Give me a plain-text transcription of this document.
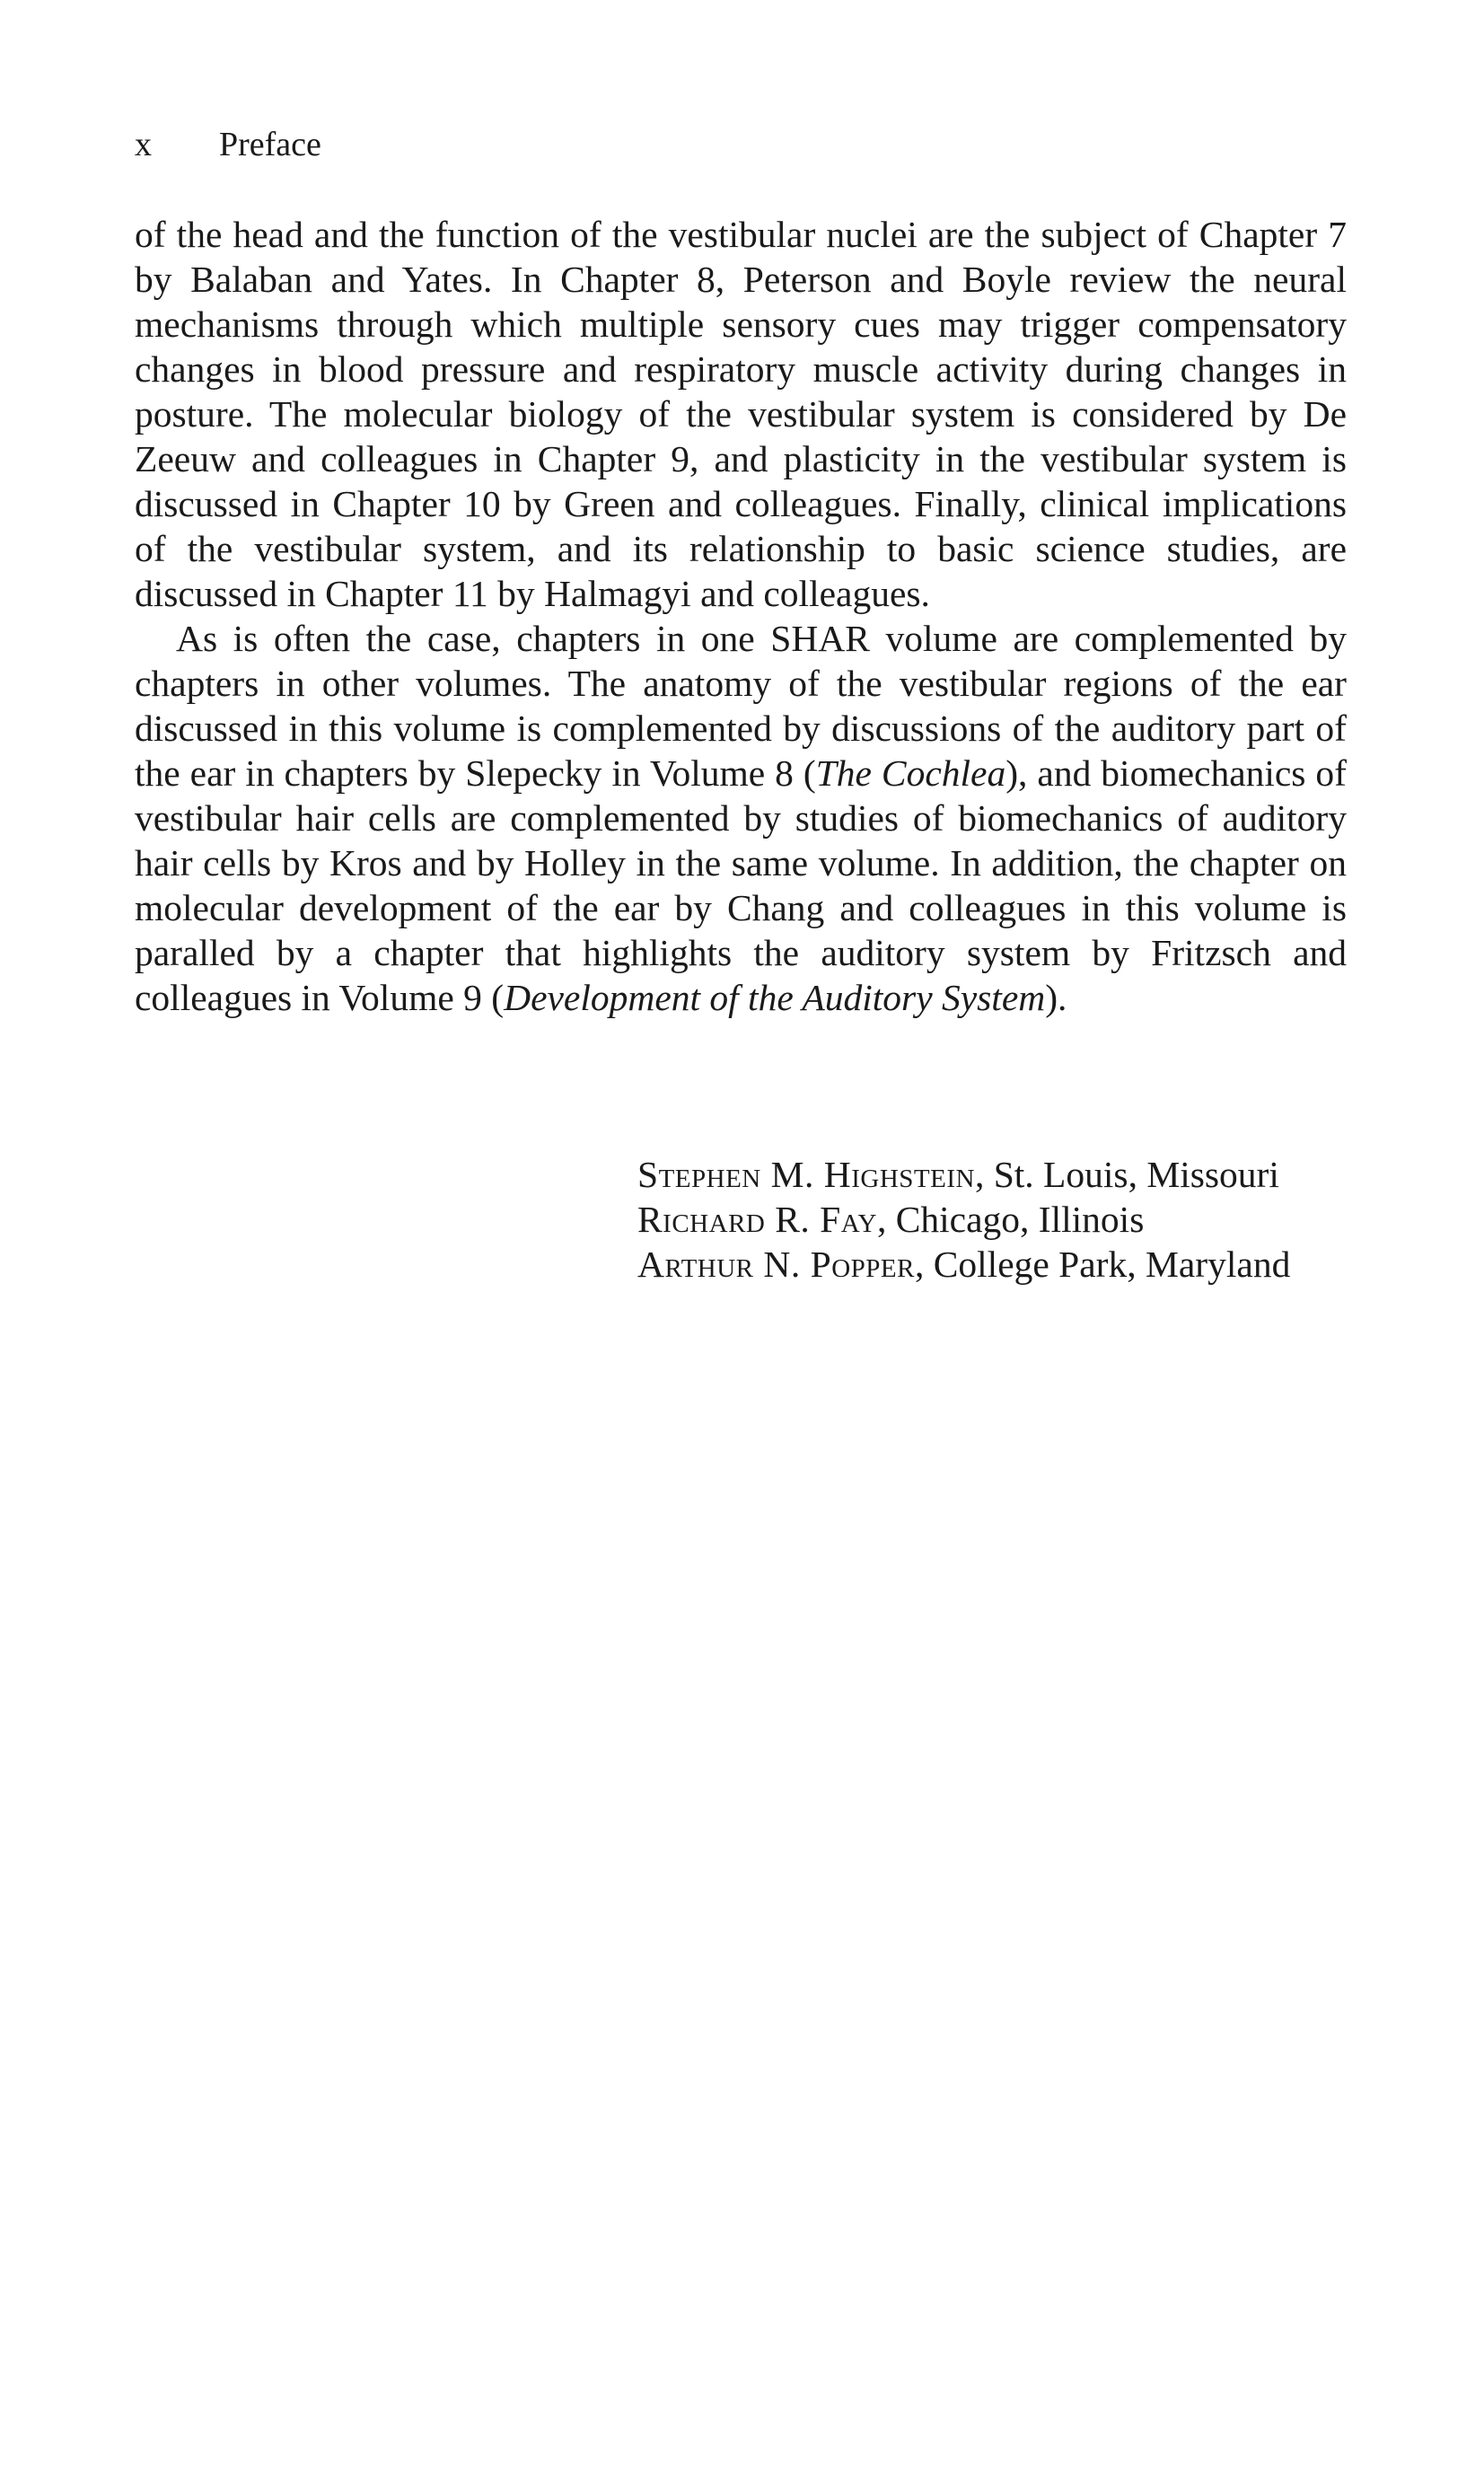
x Preface

of the head and the function of the vestibular nuclei are the subject of Chapter 7 by Balaban and Yates. In Chapter 8, Peterson and Boyle review the neural mechanisms through which multiple sensory cues may trigger compensatory changes in blood pressure and respiratory muscle activity during changes in posture. The molecular biology of the vestibular system is considered by De Zeeuw and colleagues in Chapter 9, and plasticity in the vestibular system is discussed in Chapter 10 by Green and colleagues. Finally, clinical implications of the vestibular system, and its relationship to basic science studies, are discussed in Chapter 11 by Halmagyi and colleagues.

As is often the case, chapters in one SHAR volume are complemented by chapters in other volumes. The anatomy of the vestibular regions of the ear discussed in this volume is complemented by discussions of the auditory part of the ear in chapters by Slepecky in Volume 8 (The Cochlea), and biomechanics of vestibular hair cells are complemented by studies of biomechanics of auditory hair cells by Kros and by Holley in the same volume. In addition, the chapter on molecular development of the ear by Chang and colleagues in this volume is paralled by a chapter that highlights the auditory system by Fritzsch and colleagues in Volume 9 (Development of the Auditory System).

Stephen M. Highstein, St. Louis, Missouri
Richard R. Fay, Chicago, Illinois
Arthur N. Popper, College Park, Maryland
